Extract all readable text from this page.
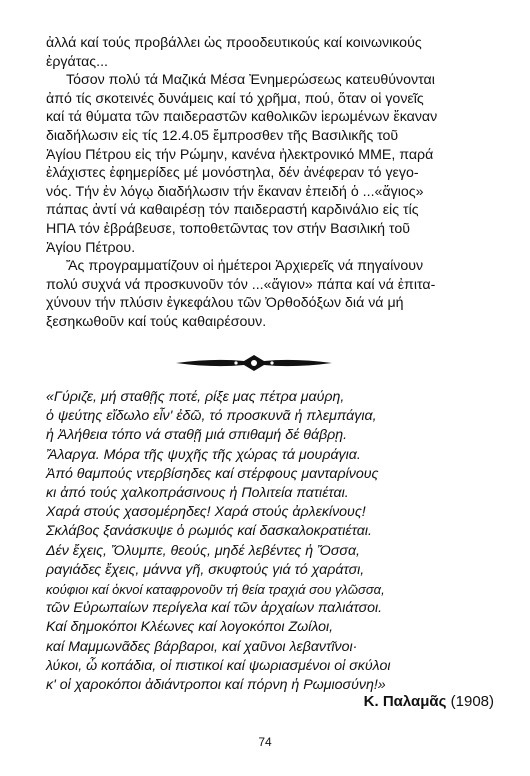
ἀλλά καί τούς προβάλλει ὡς προοδευτικούς καί κοινωνικούς
ἐργάτας...

Τόσον πολύ τά Μαζικά Μέσα Ἐνημερώσεως κατευθύνονται
ἀπό τίς σκοτεινές δυνάμεις καί τό χρῆμα, πού, ὅταν οἱ γονεῖς
καί τά θύματα τῶν παιδεραστῶν καθολικῶν ἱερωμένων ἔκαναν
διαδήλωσιν εἰς τίς 12.4.05 ἔμπροσθεν τῆς Βασιλικῆς τοῦ
Ἁγίου Πέτρου εἰς τήν Ρώμην, κανένα ἠλεκτρονικό ΜΜΕ, παρά
ἐλάχιστες ἐφημερίδες μέ μονόστηλα, δέν ἀνέφεραν τό γεγο-
νός. Τήν ἐν λόγῳ διαδήλωσιν τήν ἔκαναν ἐπειδή ὁ ...«ἅγιος»
πάπας ἀντί νά καθαιρέσῃ τόν παιδεραστή καρδινάλιο εἰς τίς
ΗΠΑ τόν ἐβράβευσε, τοποθετῶντας τον στήν Βασιλική τοῦ
Ἁγίου Πέτρου.

Ἄς προγραμματίζουν οἱ ἡμέτεροι Ἀρχιερεῖς νά πηγαίνουν
πολύ συχνά νά προσκυνοῦν τόν ...«ἅγιον» πάπα καί νά ἐπιτα-
χύνουν τήν πλύσιν ἐγκεφάλου τῶν Ὀρθοδόξων διά νά μή
ξεσηκωθοῦν καί τούς καθαιρέσουν.

«Γύριζε, μή σταθῇς ποτέ, ρίξε μας πέτρα μαύρη,
ὁ ψεύτης εἴδωλο εἶν' ἐδῶ, τό προσκυνᾶ ἡ πλεμπάγια,
ἡ Ἀλήθεια τόπο νά σταθῇ μιά σπιθαμή δέ θάβρῃ.
Ἄλαργα. Μόρα τῆς ψυχῆς τῆς χώρας τά μουράγια.
Ἀπό θαμπούς ντερβίσηδες καί στέρφους μανταρίνους
κι ἀπό τούς χαλκοπράσινους ἡ Πολιτεία πατιέται.
Χαρά στούς χασομέρηδες! Χαρά στούς ἀρλεκίνους!
Σκλάβος ξανάσκυψε ὁ ρωμιός καί δασκαλοκρατιέται.
Δέν ἔχεις, Ὄλυμπε, θεούς, μηδέ λεβέντες ἡ Ὄσσα,
ραγιάδες ἔχεις, μάννα γῆ, σκυφτούς γιά τό χαράτσι,
κούφιοι καί ὀκνοί καταφρονοῦν τή θεία τραχιά σου γλῶσσα,
τῶν Εὐρωπαίων περίγελα καί τῶν ἀρχαίων παλιάτσοι.
Καί δημοκόποι Κλέωνες καί λογοκόποι Ζωίλοι,
καί Μαμμωνᾶδες βάρβαροι, καί χαῦνοι λεβαντῖνοι·
λύκοι, ὦ κοπάδια, οἱ πιστικοί καί ψωριασμένοι οἱ σκύλοι
κ' οἱ χαροκόποι ἀδιάντροποι καί πόρνη ἡ Ρωμιοσύνη!»
Κ. Παλαμᾶς (1908)
74
